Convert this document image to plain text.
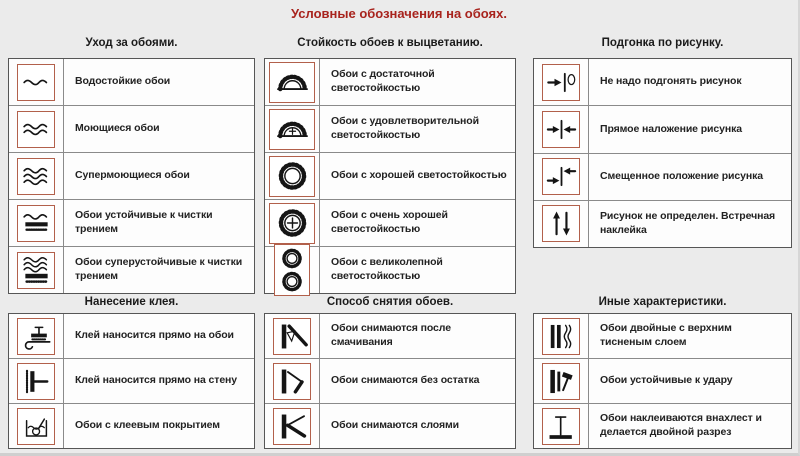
Условные обозначения на обоях.
Уход за обоями.
Водостойкие обои
Моющиеся обои
Супермоющиеся обои
Обои устойчивые к чистки трением
Обои суперустойчивые к чистки трением
Нанесение клея.
Клей наносится прямо на обои
Клей наносится прямо на стену
Обои с клеевым покрытием
Стойкость обоев к выцветанию.
Обои с достаточной светостойкостью
Обои с удовлетворительной светостойкостью
Обои с хорошей светостойкостью
Обои с очень хорошей светостойкостью
Обои с великолепной светостойкостью
Способ снятия обоев.
Обои снимаются после смачивания
Обои снимаются без остатка
Обои снимаются слоями
Подгонка по рисунку.
Не надо подгонять рисунок
Прямое наложение рисунка
Смещенное положение рисунка
Рисунок не определен. Встречная наклейка
Иные характеристики.
Обои двойные с верхним тисненым слоем
Обои устойчивые к удару
Обои наклеиваются внахлест и делается двойной разрез
